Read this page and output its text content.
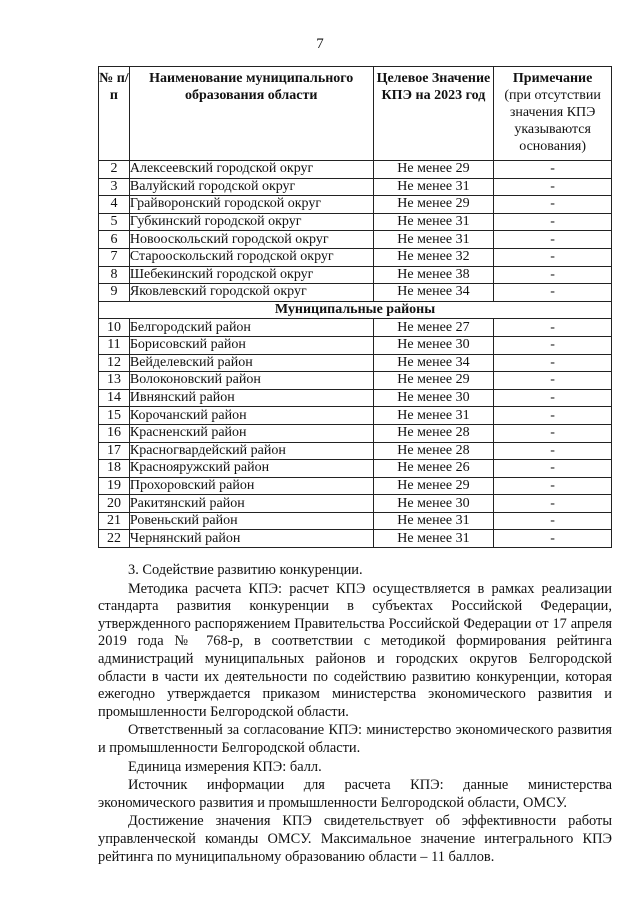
7
№ п/п	Наименование муниципального образования области	Целевое Значение КПЭ на 2023 год	Примечание
(при отсутствии значения КПЭ указываются основания)
2	Алексеевский городской округ	Не менее 29	-
3	Валуйский городской округ	Не менее 31	-
4	Грайворонский городской округ	Не менее 29	-
5	Губкинский городской округ	Не менее 31	-
6	Новооскольский городской округ	Не менее 31	-
7	Старооскольский городской округ	Не менее 32	-
8	Шебекинский городской округ	Не менее 38	-
9	Яковлевский городской округ	Не менее 34	-
Муниципальные районы			
10	Белгородский район	Не менее 27	-
11	Борисовский район	Не менее 30	-
12	Вейделевский район	Не менее 34	-
13	Волоконовский район	Не менее 29	-
14	Ивнянский район	Не менее 30	-
15	Корочанский район	Не менее 31	-
16	Красненский район	Не менее 28	-
17	Красногвардейский район	Не менее 28	-
18	Краснояружский район	Не менее 26	-
19	Прохоровский район	Не менее 29	-
20	Ракитянский район	Не менее 30	-
21	Ровеньский район	Не менее 31	-
22	Чернянский район	Не менее 31	-

3. Содействие развитию конкуренции.

Методика расчета КПЭ: расчет КПЭ осуществляется в рамках реализации стандарта развития конкуренции в субъектах Российской Федерации, утвержденного распоряжением Правительства Российской Федерации от 17 апреля 2019 года № 768-р, в соответствии с методикой формирования рейтинга администраций муниципальных районов и городских округов Белгородской области в части их деятельности по содействию развитию конкуренции, которая ежегодно утверждается приказом министерства экономического развития и промышленности Белгородской области.

Ответственный за согласование КПЭ: министерство экономического развития и промышленности Белгородской области.

Единица измерения КПЭ: балл.

Источник информации для расчета КПЭ: данные министерства экономического развития и промышленности Белгородской области, ОМСУ.

Достижение значения КПЭ свидетельствует об эффективности работы управленческой команды ОМСУ. Максимальное значение интегрального КПЭ рейтинга по муниципальному образованию области – 11 баллов.
